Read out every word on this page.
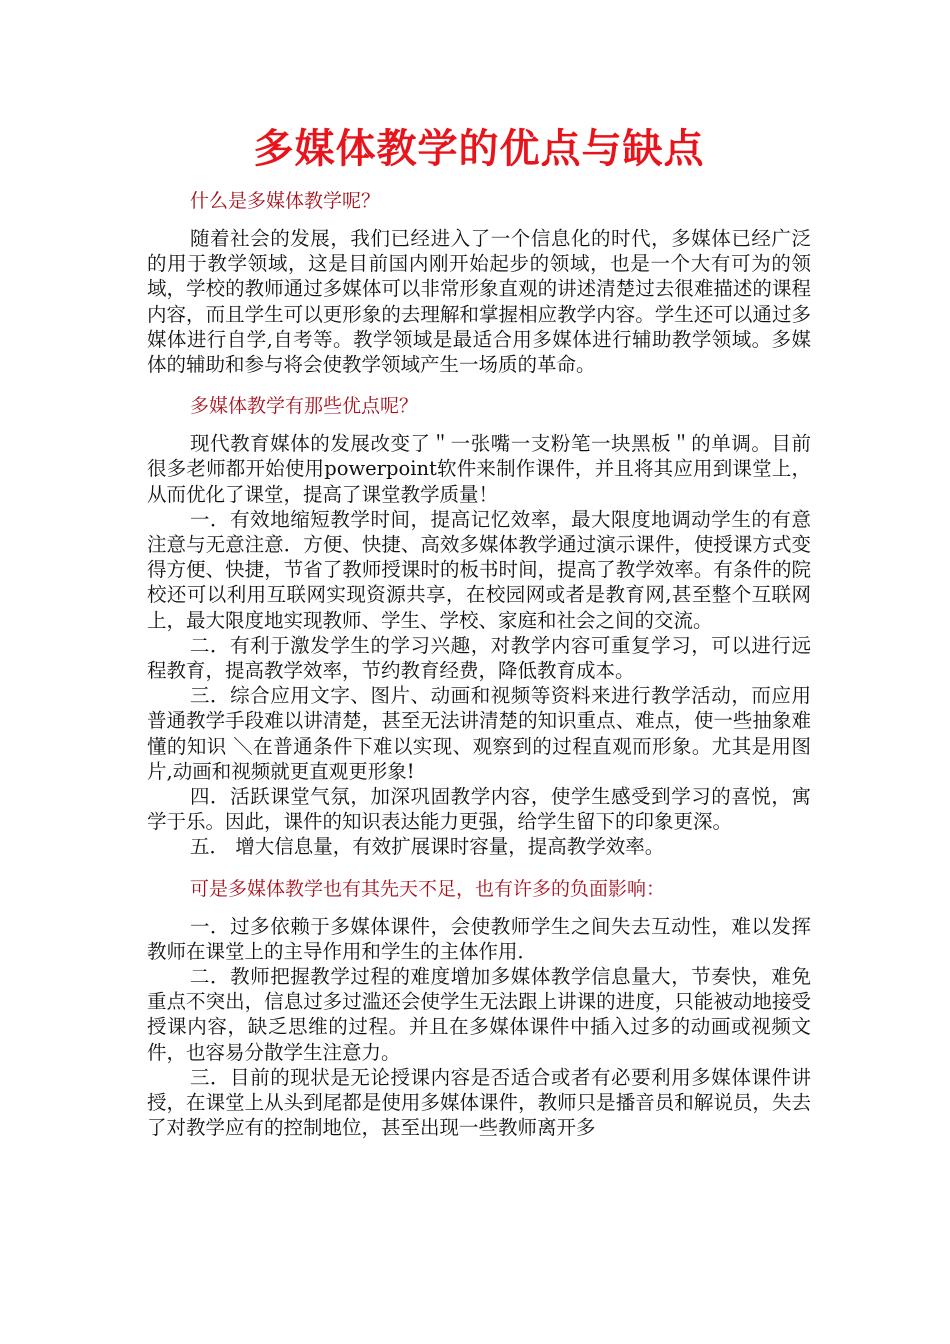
多媒体教学的优点与缺点

什么是多媒体教学呢？

随着社会的发展，我们已经进入了一个信息化的时代，多媒体已经广泛的用于教学领域，这是目前国内刚开始起步的领域，也是一个大有可为的领域，学校的教师通过多媒体可以非常形象直观的讲述清楚过去很难描述的课程内容，而且学生可以更形象的去理解和掌握相应教学内容。学生还可以通过多媒体进行自学,自考等。教学领域是最适合用多媒体进行辅助教学领域。多媒体的辅助和参与将会使教学领域产生一场质的革命。

多媒体教学有那些优点呢？

现代教育媒体的发展改变了＂一张嘴一支粉笔一块黑板＂的单调。目前很多老师都开始使用powerpoint软件来制作课件，并且将其应用到课堂上，从而优化了课堂，提高了课堂教学质量！

一．有效地缩短教学时间，提高记忆效率，最大限度地调动学生的有意注意与无意注意．方便、快捷、高效多媒体教学通过演示课件，使授课方式变得方便、快捷，节省了教师授课时的板书时间，提高了教学效率。有条件的院校还可以利用互联网实现资源共享，在校园网或者是教育网,甚至整个互联网上，最大限度地实现教师、学生、学校、家庭和社会之间的交流。

二．有利于激发学生的学习兴趣，对教学内容可重复学习，可以进行远程教育，提高教学效率，节约教育经费，降低教育成本。

三．综合应用文字、图片、动画和视频等资料来进行教学活动，而应用普通教学手段难以讲清楚，甚至无法讲清楚的知识重点、难点，使一些抽象难懂的知识 ＼在普通条件下难以实现、观察到的过程直观而形象。尤其是用图片,动画和视频就更直观更形象!

四．活跃课堂气氛，加深巩固教学内容，使学生感受到学习的喜悦，寓学于乐。因此，课件的知识表达能力更强，给学生留下的印象更深。

五． 增大信息量，有效扩展课时容量，提高教学效率。

可是多媒体教学也有其先天不足，也有许多的负面影响：

一．过多依赖于多媒体课件，会使教师学生之间失去互动性，难以发挥教师在课堂上的主导作用和学生的主体作用．

二．教师把握教学过程的难度增加多媒体教学信息量大，节奏快，难免重点不突出，信息过多过滥还会使学生无法跟上讲课的进度，只能被动地接受授课内容，缺乏思维的过程。并且在多媒体课件中插入过多的动画或视频文件，也容易分散学生注意力。

三．目前的现状是无论授课内容是否适合或者有必要利用多媒体课件讲授，在课堂上从头到尾都是使用多媒体课件，教师只是播音员和解说员，失去了对教学应有的控制地位，甚至出现一些教师离开多
